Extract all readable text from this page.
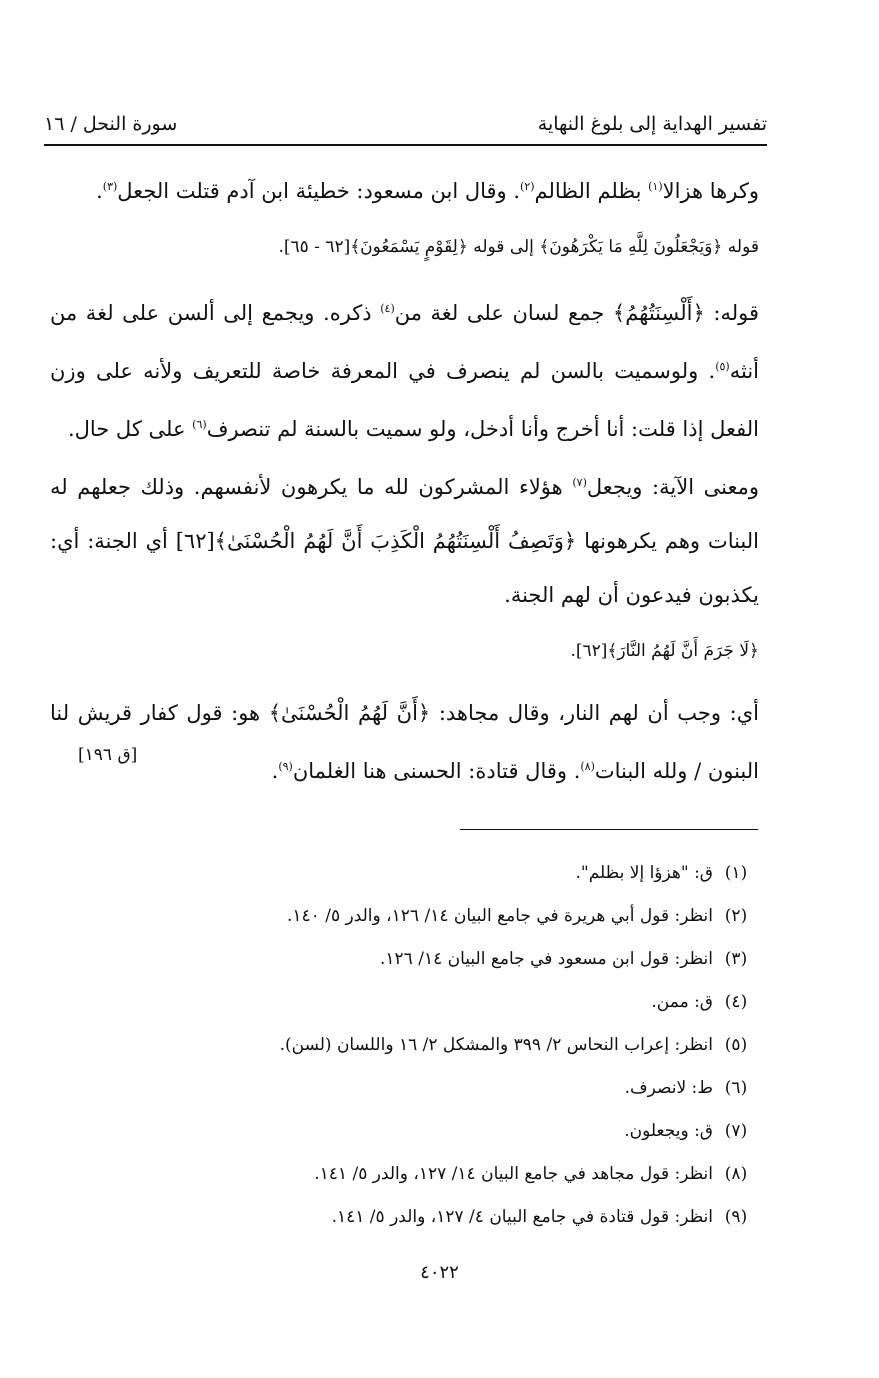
تفسير الهداية إلى بلوغ النهاية
سورة النحل / ١٦

وكرها هزالا$^{(١)}$ بظلم الظالم$^{(٢)}$. وقال ابن مسعود: خطيئة ابن آدم قتلت الجعل$^{(٣)}$.

قوله ﴿وَيَجْعَلُونَ لِلَّهِ مَا يَكْرَهُونَ﴾ إلى قوله ﴿لِقَوْمٍ يَسْمَعُونَ﴾[٦٢ - ٦٥].

قوله: ﴿أَلْسِنَتُهُمُ﴾ جمع لسان على لغة من$^{(٤)}$ ذكره. ويجمع إلى ألسن على لغة من أنثه$^{(٥)}$. ولوسميت بالسن لم ينصرف في المعرفة خاصة للتعريف ولأنه على وزن الفعل إذا قلت: أنا أخرج وأنا أدخل، ولو سميت بالسنة لم تنصرف$^{(٦)}$ على كل حال.

ومعنى الآية: ويجعل$^{(٧)}$ هؤلاء المشركون لله ما يكرهون لأنفسهم. وذلك جعلهم له البنات وهم يكرهونها ﴿وَتَصِفُ أَلْسِنَتُهُمُ الْكَذِبَ أَنَّ لَهُمُ الْحُسْنَىٰ﴾[٦٢] أي الجنة: أي: يكذبون فيدعون أن لهم الجنة.

﴿لَا جَرَمَ أَنَّ لَهُمُ النَّارَ﴾[٦٢].

أي: وجب أن لهم النار، وقال مجاهد: ﴿أَنَّ لَهُمُ الْحُسْنَىٰ﴾ هو: قول كفار قريش لنا البنون / ولله البنات$^{(٨)}$. وقال قتادة: الحسنى هنا الغلمان$^{(٩)}$.

[ق ١٩٦]
(١)
ق: "هزؤا إلا بظلم".
(٢)
انظر: قول أبي هريرة في جامع البيان ١٤/ ١٢٦، والدر ٥/ ١٤٠.
(٣)
انظر: قول ابن مسعود في جامع البيان ١٤/ ١٢٦.
(٤)
ق: ممن.
(٥)
انظر: إعراب النحاس ٢/ ٣٩٩ والمشكل ٢/ ١٦ واللسان (لسن).
(٦)
ط: لانصرف.
(٧)
ق: ويجعلون.
(٨)
انظر: قول مجاهد في جامع البيان ١٤/ ١٢٧، والدر ٥/ ١٤١.
(٩)
انظر: قول قتادة في جامع البيان ٤/ ١٢٧، والدر ٥/ ١٤١.
٤٠٢٢
